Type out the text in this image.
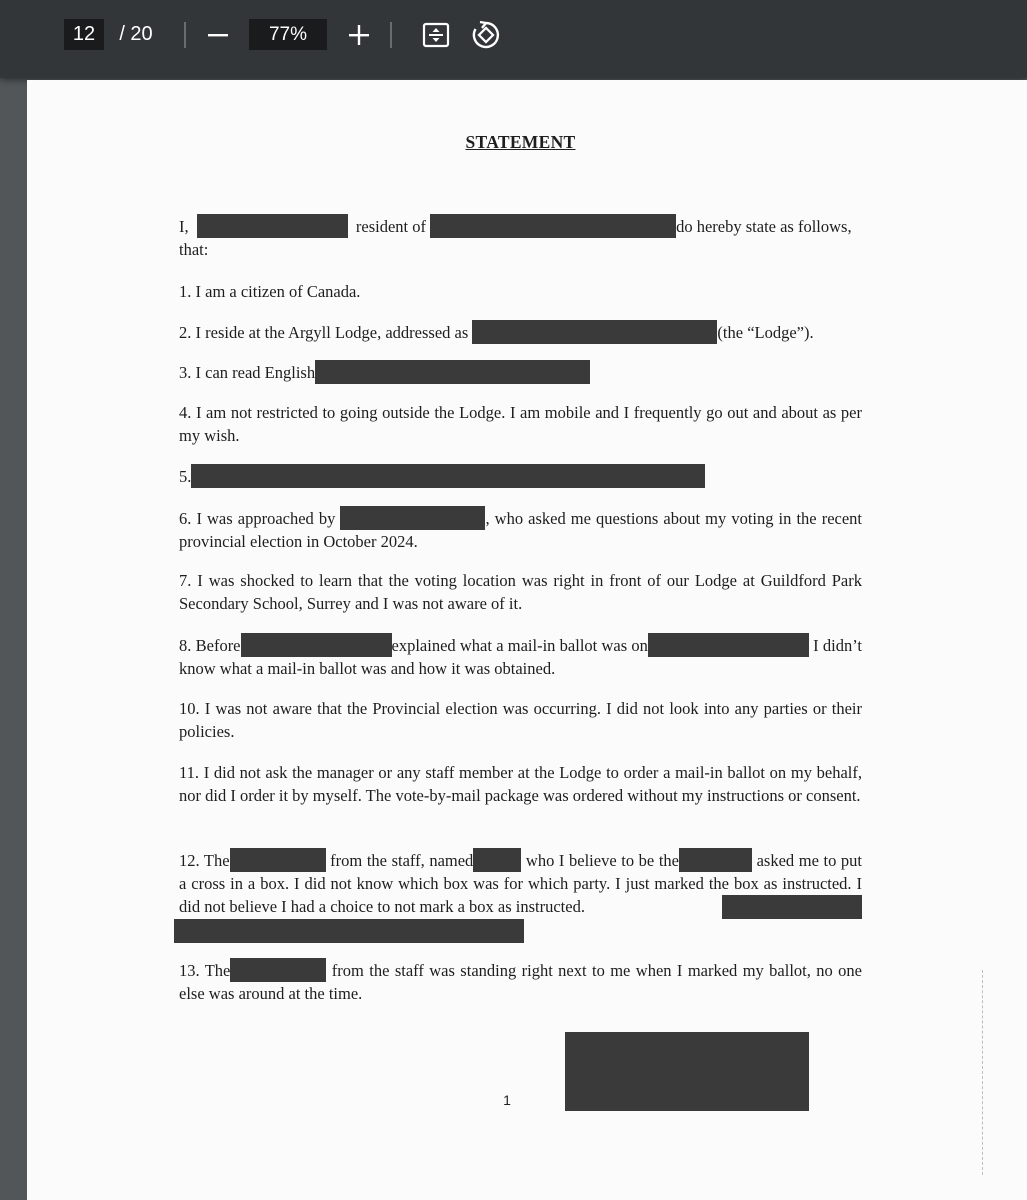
12	/ 20	77%
STATEMENT
I,	resident of	do hereby state as follows,
that:
1. I am a citizen of Canada.
2. I reside at the Argyll Lodge, addressed as	(the “Lodge”).
3. I can read English
4. I am not restricted to going outside the Lodge. I am mobile and I frequently go out and about as per my wish.
5.
6. I was approached by	, who asked me questions about my voting in the recent provincial election in October 2024.
7. I was shocked to learn that the voting location was right in front of our Lodge at Guildford Park Secondary School, Surrey and I was not aware of it.
8. Before	explained what a mail-in ballot was on	I didn’t know what a mail-in ballot was and how it was obtained.
10. I was not aware that the Provincial election was occurring. I did not look into any parties or their policies.
11. I did not ask the manager or any staff member at the Lodge to order a mail-in ballot on my behalf, nor did I order it by myself. The vote-by-mail package was ordered without my instructions or consent.
12. The	from the staff, named	who I believe to be the	asked me to put a cross in a box. I did not know which box was for which party. I just marked the box as instructed. I did not believe I had a choice to not mark a box as instructed.
13. The	from the staff was standing right next to me when I marked my ballot, no one else was around at the time.
1
